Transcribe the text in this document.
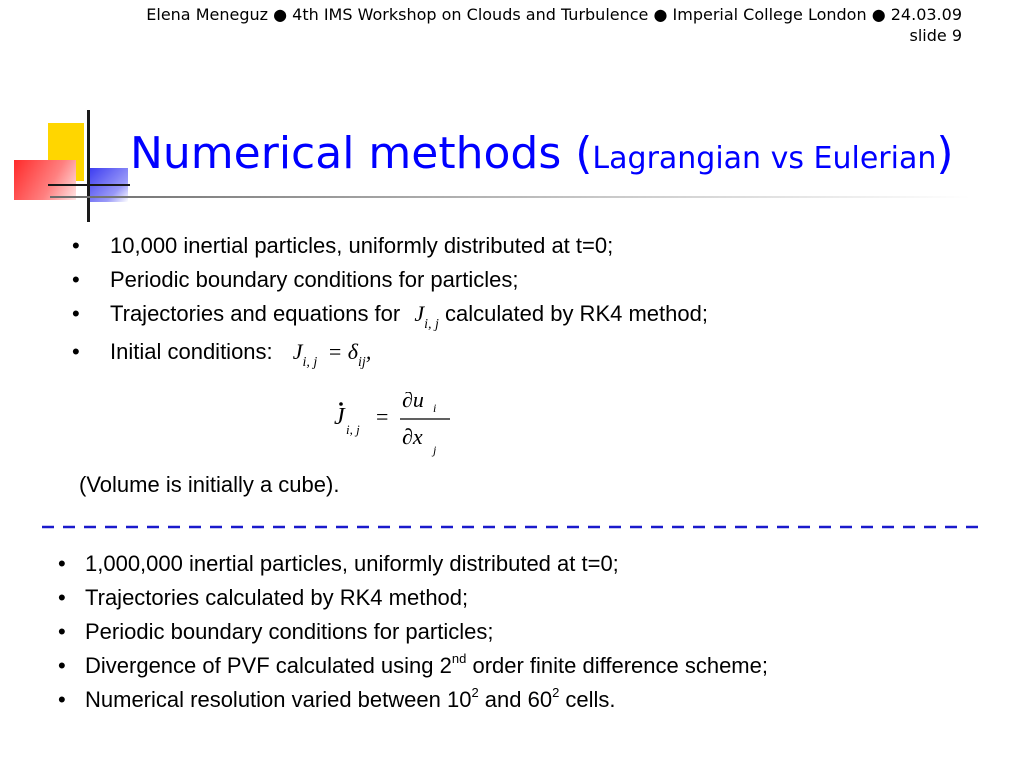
Elena Meneguz ● 4th IMS Workshop on Clouds and Turbulence ● Imperial College London ● 24.03.09
slide 9
Numerical methods (Lagrangian vs Eulerian)
• 10,000 inertial particles, uniformly distributed at t=0;
• Periodic boundary conditions for particles;
• Trajectories and equations for $J_{i, j}$ calculated by RK4 method;
• Initial conditions: $J_{i, j} = \delta_{ij}$,
J i, j
=
∂u i
∂x
j
(Volume is initially a cube).
• 1,000,000 inertial particles, uniformly distributed at t=0;
• Trajectories calculated by RK4 method;
• Periodic boundary conditions for particles;
• Divergence of PVF calculated using 2nd order finite difference scheme;
• Numerical resolution varied between $10^2$ and $60^2$ cells.
